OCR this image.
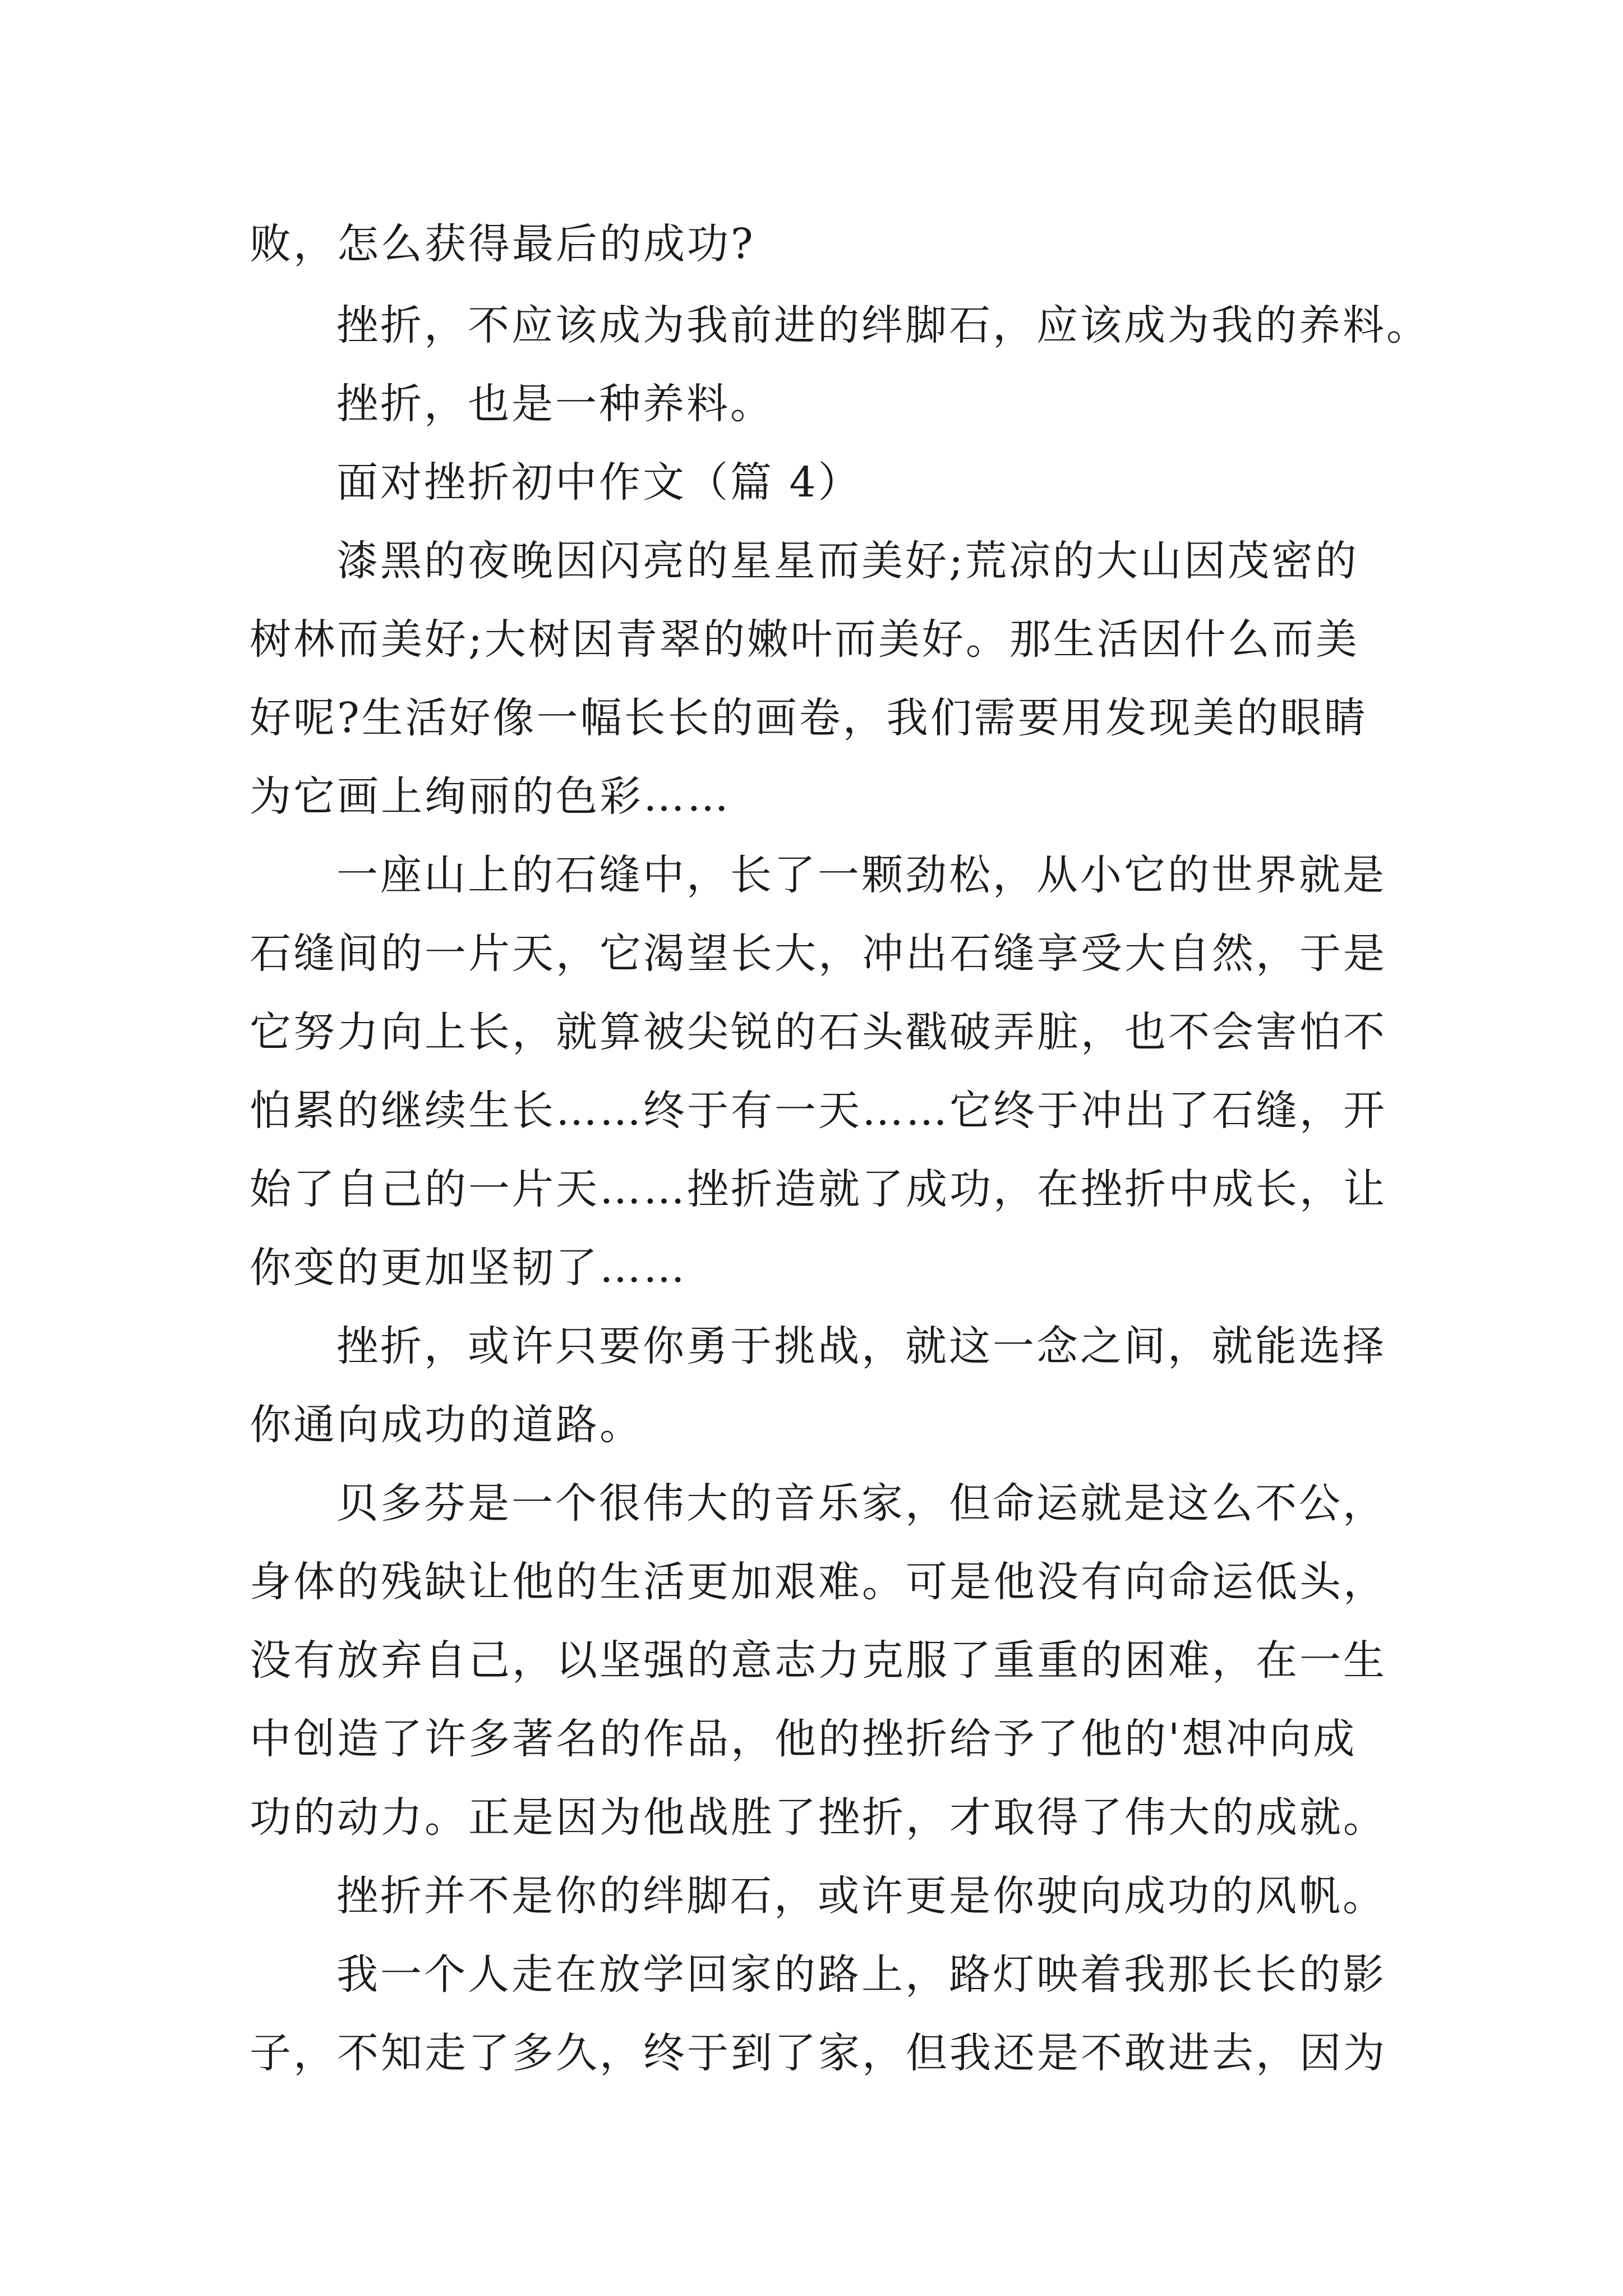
败，怎么获得最后的成功?
挫折，不应该成为我前进的绊脚石，应该成为我的养料。
挫折，也是一种养料。
面对挫折初中作文（篇 4）
漆黑的夜晚因闪亮的星星而美好;荒凉的大山因茂密的
树林而美好;大树因青翠的嫩叶而美好。那生活因什么而美
好呢?生活好像一幅长长的画卷，我们需要用发现美的眼睛
为它画上绚丽的色彩……
一座山上的石缝中，长了一颗劲松，从小它的世界就是
石缝间的一片天，它渴望长大，冲出石缝享受大自然，于是
它努力向上长，就算被尖锐的石头戳破弄脏，也不会害怕不
怕累的继续生长……终于有一天……它终于冲出了石缝，开
始了自己的一片天……挫折造就了成功，在挫折中成长，让
你变的更加坚韧了……
挫折，或许只要你勇于挑战，就这一念之间，就能选择
你通向成功的道路。
贝多芬是一个很伟大的音乐家，但命运就是这么不公，
身体的残缺让他的生活更加艰难。可是他没有向命运低头，
没有放弃自己，以坚强的意志力克服了重重的困难，在一生
中创造了许多著名的作品，他的挫折给予了他的'想冲向成
功的动力。正是因为他战胜了挫折，才取得了伟大的成就。
挫折并不是你的绊脚石，或许更是你驶向成功的风帆。
我一个人走在放学回家的路上，路灯映着我那长长的影
子，不知走了多久，终于到了家，但我还是不敢进去，因为
